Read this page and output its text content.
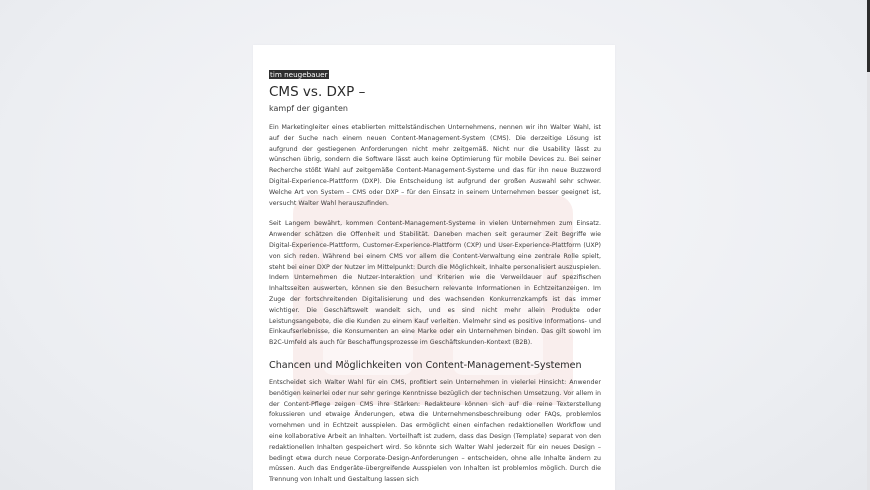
tim neugebauer
CMS vs. DXP –
kampf der giganten

Ein Marketingleiter eines etablierten mittelständischen Unternehmens, nennen wir ihn Walter Wahl, ist auf der Suche nach einem neuen Content-Management-System (CMS). Die derzeitige Lösung ist aufgrund der gestiegenen Anforderungen nicht mehr zeitgemäß. Nicht nur die Usability lässt zu wünschen übrig, sondern die Software lässt auch keine Optimierung für mobile Devices zu. Bei seiner Recherche stößt Wahl auf zeitgemäße Content-Management-Systeme und das für ihn neue Buzzword Digital-Experience-Plattform (DXP). Die Entscheidung ist aufgrund der großen Auswahl sehr schwer. Welche Art von System – CMS oder DXP – für den Einsatz in seinem Unternehmen besser geeignet ist, versucht Walter Wahl herauszufinden.

Seit Langem bewährt, kommen Content-Management-Systeme in vielen Unternehmen zum Einsatz. Anwender schätzen die Offenheit und Stabilität. Daneben machen seit geraumer Zeit Begriffe wie Digital-Experience-Plattform, Customer-Experience-Plattform (CXP) und User-Experience-Plattform (UXP) von sich reden. Während bei einem CMS vor allem die Content-Verwaltung eine zentrale Rolle spielt, steht bei einer DXP der Nutzer im Mittelpunkt: Durch die Möglichkeit, Inhalte personalisiert auszuspielen. Indem Unternehmen die Nutzer-Interaktion und Kriterien wie die Verweildauer auf spezifischen Inhaltsseiten auswerten, können sie den Besuchern relevante Informationen in Echtzeitanzeigen. Im Zuge der fortschreitenden Digitalisierung und des wachsenden Konkurrenzkampfs ist das immer wichtiger. Die Geschäftswelt wandelt sich, und es sind nicht mehr allein Produkte oder Leistungsangebote, die die Kunden zu einem Kauf verleiten. Vielmehr sind es positive Informations- und Einkaufserlebnisse, die Konsumenten an eine Marke oder ein Unternehmen binden. Das gilt sowohl im B2C-Umfeld als auch für Beschaffungsprozesse im Geschäftskunden-Kontext (B2B).

Chancen und Möglichkeiten von Content-Management-Systemen

Entscheidet sich Walter Wahl für ein CMS, profitiert sein Unternehmen in vielerlei Hinsicht: Anwender benötigen keinerlei oder nur sehr geringe Kenntnisse bezüglich der technischen Umsetzung. Vor allem in der Content-Pflege zeigen CMS ihre Stärken: Redakteure können sich auf die reine Texterstellung fokussieren und etwaige Änderungen, etwa die Unternehmensbeschreibung oder FAQs, problemlos vornehmen und in Echtzeit ausspielen. Das ermöglicht einen einfachen redaktionellen Workflow und eine kollaborative Arbeit an Inhalten. Vorteilhaft ist zudem, dass das Design (Template) separat von den redaktionellen Inhalten gespeichert wird. So könnte sich Walter Wahl jederzeit für ein neues Design – bedingt etwa durch neue Corporate-Design-Anforderungen – entscheiden, ohne alle Inhalte ändern zu müssen. Auch das Endgeräte-übergreifende Ausspielen von Inhalten ist problemlos möglich. Durch die Trennung von Inhalt und Gestaltung lassen sich
